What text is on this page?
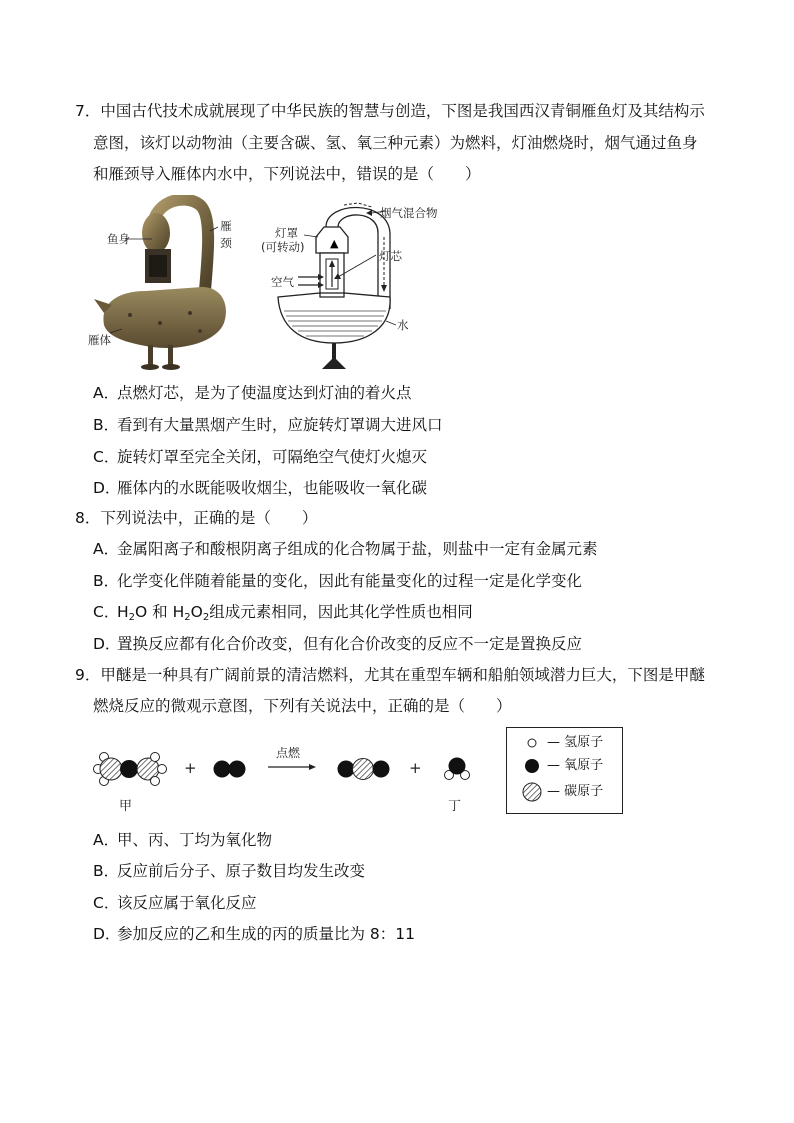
7．中国古代技术成就展现了中华民族的智慧与创造，下图是我国西汉青铜雁鱼灯及其结构示
意图，该灯以动物油（主要含碳、氢、氧三种元素）为燃料，灯油燃烧时，烟气通过鱼身
和雁颈导入雁体内水中，下列说法中，错误的是（　　）
鱼身
雁
颈
雁体
▲
烟气混合物
灯罩
(可转动)
灯芯
空气
水
A．点燃灯芯，是为了使温度达到灯油的着火点
B．看到有大量黑烟产生时，应旋转灯罩调大进风口
C．旋转灯罩至完全关闭，可隔绝空气使灯火熄灭
D．雁体内的水既能吸收烟尘，也能吸收一氧化碳
8．下列说法中，正确的是（　　）
A．金属阳离子和酸根阴离子组成的化合物属于盐，则盐中一定有金属元素
B．化学变化伴随着能量的变化，因此有能量变化的过程一定是化学变化
C．$H_2O$ 和 $H_2O_2$组成元素相同，因此其化学性质也相同
D．置换反应都有化合价改变，但有化合价改变的反应不一定是置换反应
9．甲醚是一种具有广阔前景的清洁燃料，尤其在重型车辆和船舶领域潜力巨大，下图是甲醚
燃烧反应的微观示意图，下列有关说法中，正确的是（　　）
+	+
点燃
甲	丁
— 氢原子
— 氧原子
— 碳原子
A．甲、丙、丁均为氧化物
B．反应前后分子、原子数目均发生改变
C．该反应属于氧化反应
D．参加反应的乙和生成的丙的质量比为 8：11
